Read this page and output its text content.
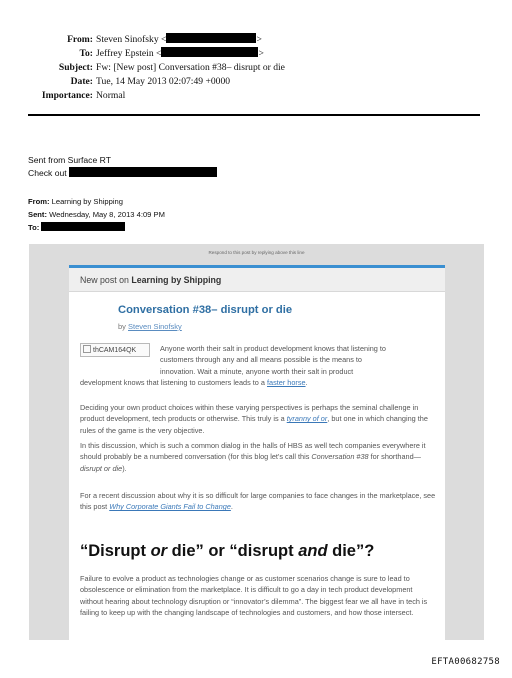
From: Steven Sinofsky <	>
To: Jeffrey Epstein <	>
Subject: Fw: [New post] Conversation #38– disrupt or die
Date: Tue, 14 May 2013 02:07:49 +0000
Importance: Normal
Sent from Surface RT
Check out
From: Learning by Shipping
Sent: Wednesday, May 8, 2013 4:09 PM
To:
Respond to this post by replying above this line
New post on Learning by Shipping
Conversation #38– disrupt or die
by Steven Sinofsky
thCAM164QK	Anyone worth their salt in product development knows that listening to
customers through any and all means possible is the means to
innovation. Wait a minute, anyone worth their salt in product
development knows that listening to customers leads to a faster horse.
Deciding your own product choices within these varying perspectives is perhaps the seminal challenge in product development, tech products or otherwise. This truly is a tyranny of or, but one in which changing the rules of the game is the very objective.
In this discussion, which is such a common dialog in the halls of HBS as well tech companies everywhere it should probably be a numbered conversation (for this blog let's call this Conversation #38 for shorthand—disrupt or die).
For a recent discussion about why it is so difficult for large companies to face changes in the marketplace, see this post Why Corporate Giants Fail to Change.
“Disrupt or die” or “disrupt and die”?
Failure to evolve a product as technologies change or as customer scenarios change is sure to lead to obsolescence or elimination from the marketplace. It is difficult to go a day in tech product development without hearing about technology disruption or “innovator’s dilemma”. The biggest fear we all have in tech is failing to keep up with the changing landscape of technologies and customers, and how those intersect.
EFTA00682758
